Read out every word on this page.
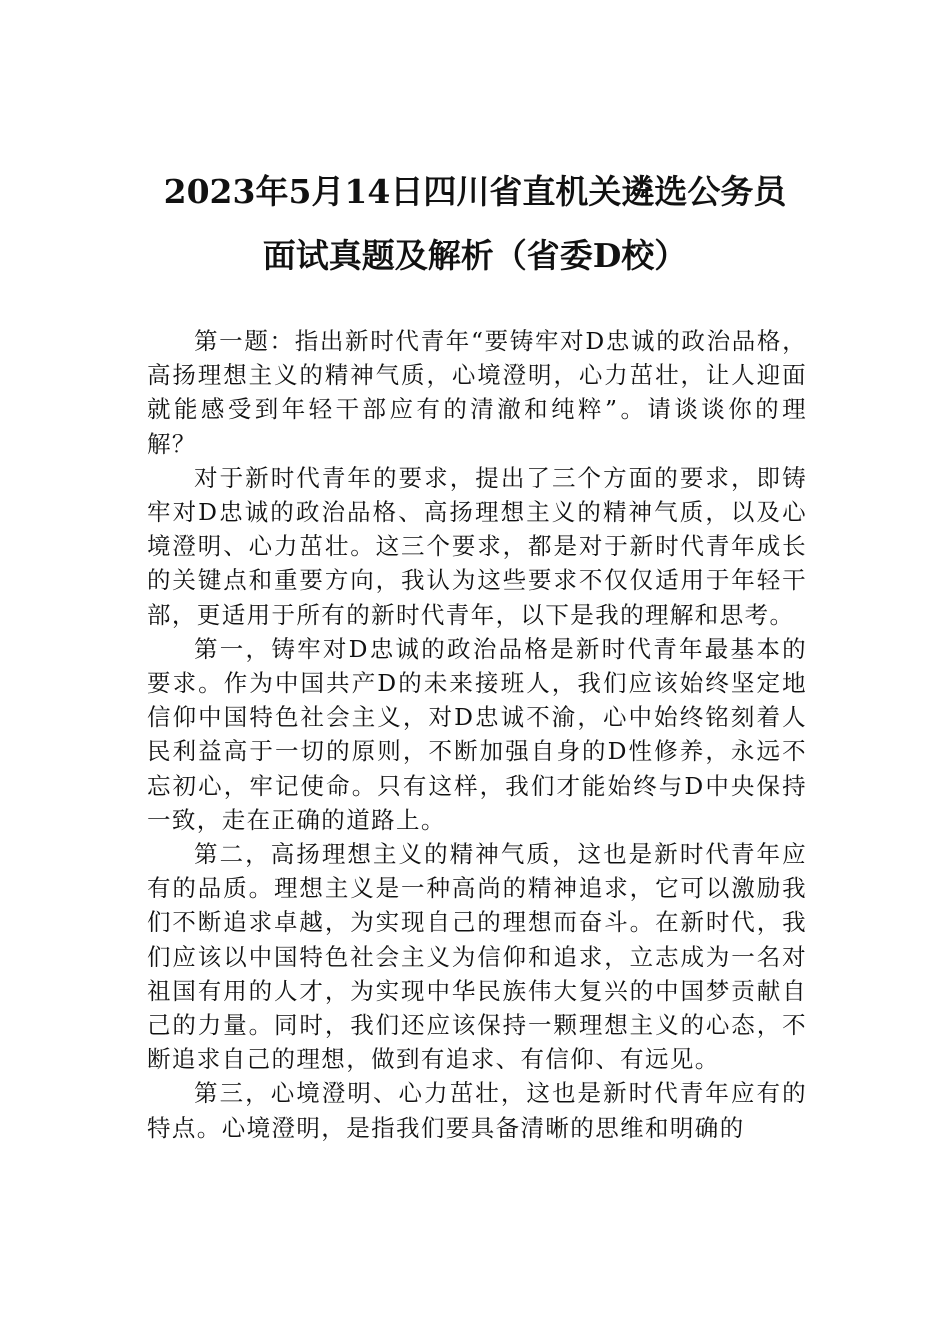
2023年5月14日四川省直机关遴选公务员
面试真题及解析（省委D校）

第一题：指出新时代青年“要铸牢对D忠诚的政治品格，高扬理想主义的精神气质，心境澄明，心力茁壮，让人迎面就能感受到年轻干部应有的清澈和纯粹”。请谈谈你的理解？

对于新时代青年的要求，提出了三个方面的要求，即铸牢对D忠诚的政治品格、高扬理想主义的精神气质，以及心境澄明、心力茁壮。这三个要求，都是对于新时代青年成长的关键点和重要方向，我认为这些要求不仅仅适用于年轻干部，更适用于所有的新时代青年，以下是我的理解和思考。

第一，铸牢对D忠诚的政治品格是新时代青年最基本的要求。作为中国共产D的未来接班人，我们应该始终坚定地信仰中国特色社会主义，对D忠诚不渝，心中始终铭刻着人民利益高于一切的原则，不断加强自身的D性修养，永远不忘初心，牢记使命。只有这样，我们才能始终与D中央保持一致，走在正确的道路上。

第二，高扬理想主义的精神气质，这也是新时代青年应有的品质。理想主义是一种高尚的精神追求，它可以激励我们不断追求卓越，为实现自己的理想而奋斗。在新时代，我们应该以中国特色社会主义为信仰和追求，立志成为一名对祖国有用的人才，为实现中华民族伟大复兴的中国梦贡献自己的力量。同时，我们还应该保持一颗理想主义的心态，不断追求自己的理想，做到有追求、有信仰、有远见。

第三，心境澄明、心力茁壮，这也是新时代青年应有的特点。心境澄明，是指我们要具备清晰的思维和明确的
